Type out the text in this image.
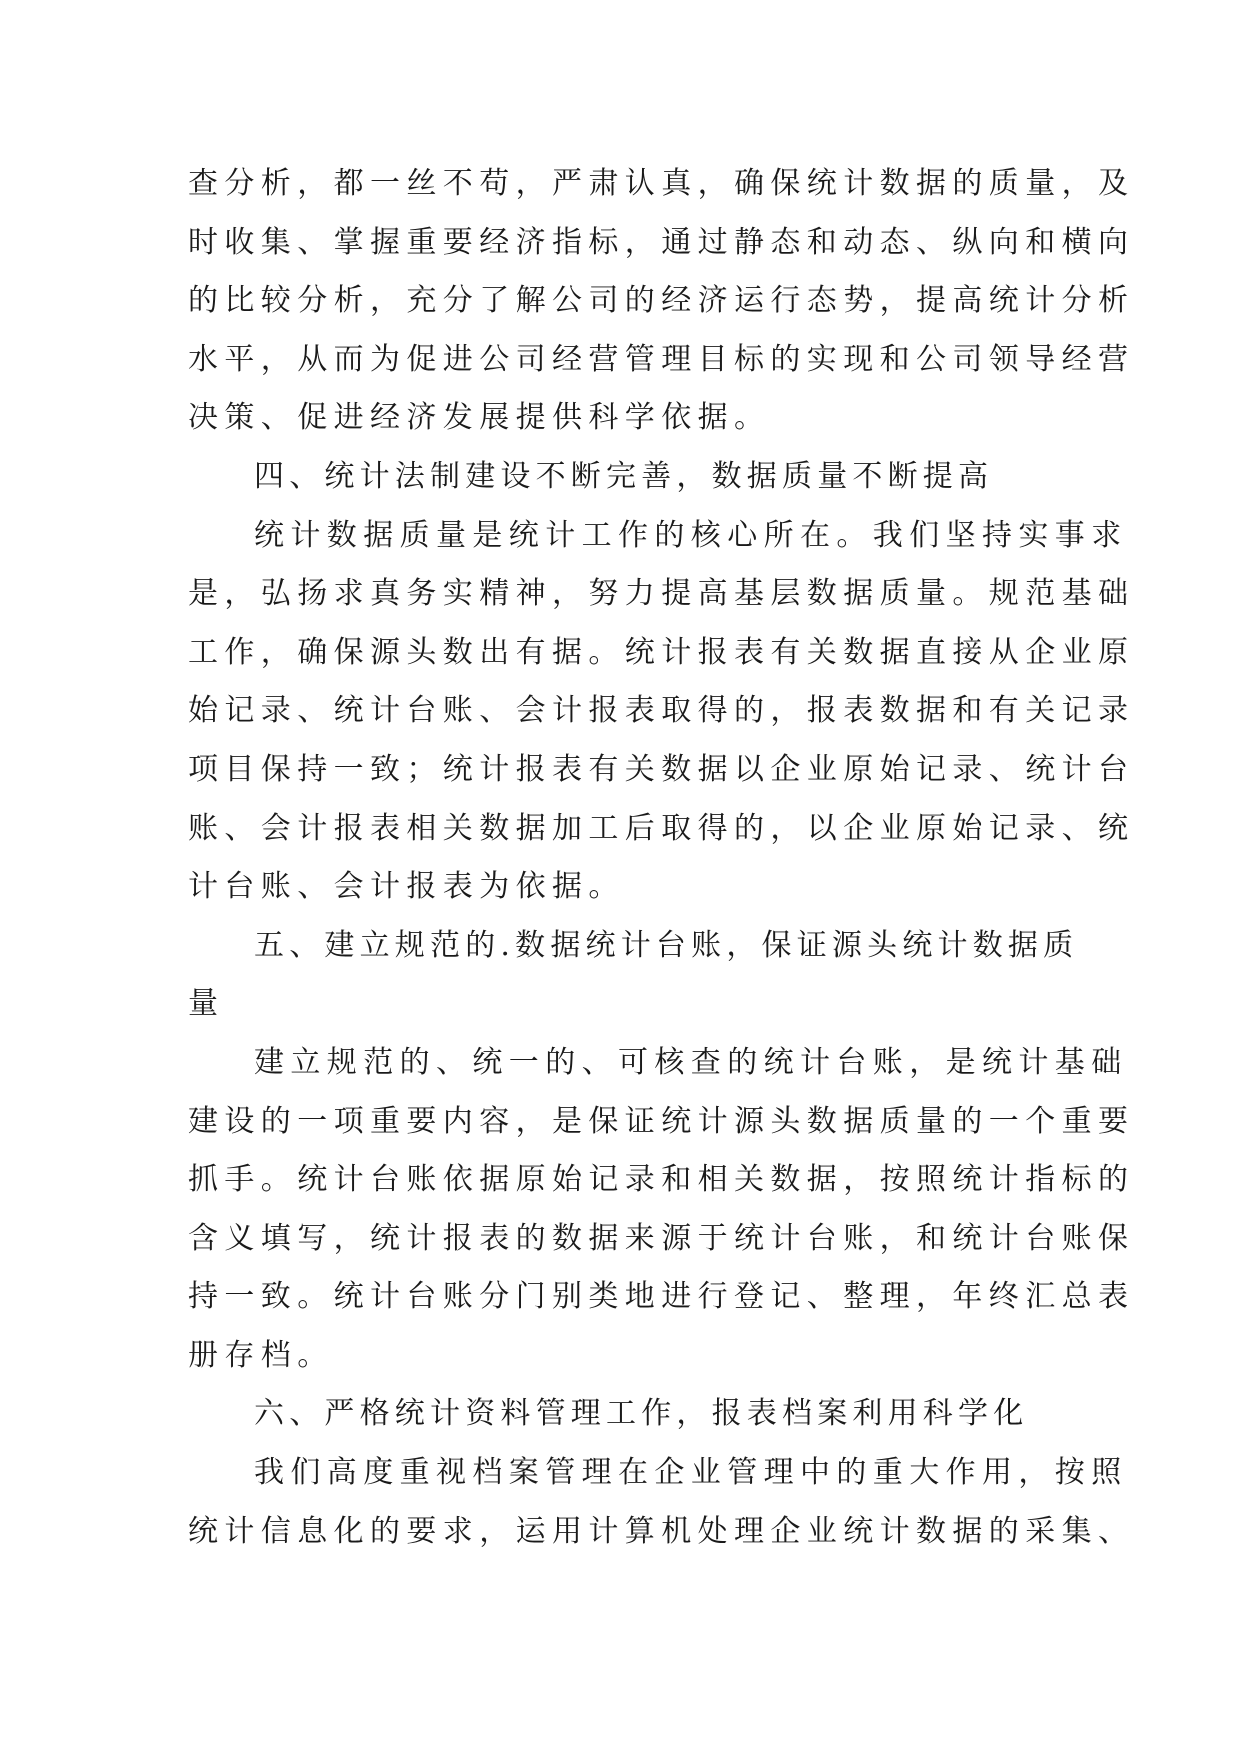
查分析，都一丝不苟，严肃认真，确保统计数据的质量，及
时收集、掌握重要经济指标，通过静态和动态、纵向和横向
的比较分析，充分了解公司的经济运行态势，提高统计分析
水平，从而为促进公司经营管理目标的实现和公司领导经营
决策、促进经济发展提供科学依据。
四、统计法制建设不断完善，数据质量不断提高
统计数据质量是统计工作的核心所在。我们坚持实事求
是，弘扬求真务实精神，努力提高基层数据质量。规范基础
工作，确保源头数出有据。统计报表有关数据直接从企业原
始记录、统计台账、会计报表取得的，报表数据和有关记录
项目保持一致；统计报表有关数据以企业原始记录、统计台
账、会计报表相关数据加工后取得的，以企业原始记录、统
计台账、会计报表为依据。
五、建立规范的.数据统计台账，保证源头统计数据质
量
建立规范的、统一的、可核查的统计台账，是统计基础
建设的一项重要内容，是保证统计源头数据质量的一个重要
抓手。统计台账依据原始记录和相关数据，按照统计指标的
含义填写，统计报表的数据来源于统计台账，和统计台账保
持一致。统计台账分门别类地进行登记、整理，年终汇总表
册存档。
六、严格统计资料管理工作，报表档案利用科学化
我们高度重视档案管理在企业管理中的重大作用，按照
统计信息化的要求，运用计算机处理企业统计数据的采集、
